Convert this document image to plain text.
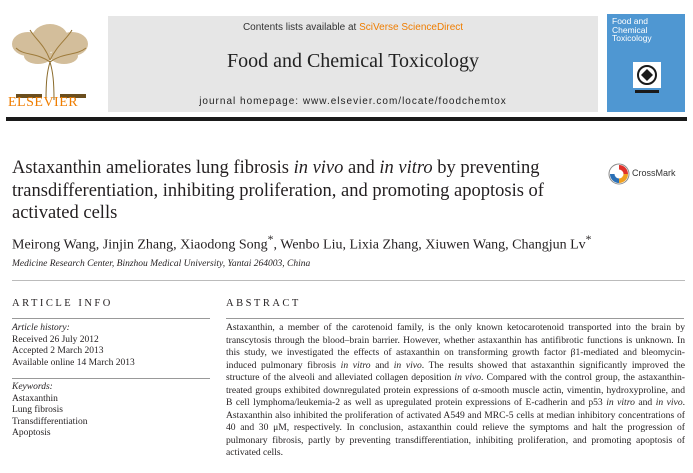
ELSEVIER
Contents lists available at SciVerse ScienceDirect
Food and Chemical Toxicology
journal homepage: www.elsevier.com/locate/foodchemtox
Food and
Chemical
Toxicology
Astaxanthin ameliorates lung fibrosis in vivo and in vitro by preventing transdifferentiation, inhibiting proliferation, and promoting apoptosis of activated cells
CrossMark
Meirong Wang, Jinjin Zhang, Xiaodong Song*, Wenbo Liu, Lixia Zhang, Xiuwen Wang, Changjun Lv*
Medicine Research Center, Binzhou Medical University, Yantai 264003, China
ARTICLE INFO
Article history:
Received 26 July 2012
Accepted 2 March 2013
Available online 14 March 2013
Keywords:
Astaxanthin
Lung fibrosis
Transdifferentiation
Apoptosis
ABSTRACT
Astaxanthin, a member of the carotenoid family, is the only known ketocarotenoid transported into the brain by transcytosis through the blood–brain barrier. However, whether astaxanthin has antifibrotic functions is unknown. In this study, we investigated the effects of astaxanthin on transforming growth factor β1-mediated and bleomycin-induced pulmonary fibrosis in vitro and in vivo. The results showed that astaxanthin significantly improved the structure of the alveoli and alleviated collagen deposition in vivo. Compared with the control group, the astaxanthin-treated groups exhibited downregulated protein expressions of α-smooth muscle actin, vimentin, hydroxyproline, and B cell lymphoma/leukemia-2 as well as upregulated protein expressions of E-cadherin and p53 in vitro and in vivo. Astaxanthin also inhibited the proliferation of activated A549 and MRC-5 cells at median inhibitory concentrations of 40 and 30 μM, respectively. In conclusion, astaxanthin could relieve the symptoms and halt the progression of pulmonary fibrosis, partly by preventing transdifferentiation, inhibiting proliferation, and promoting apoptosis of activated cells.
